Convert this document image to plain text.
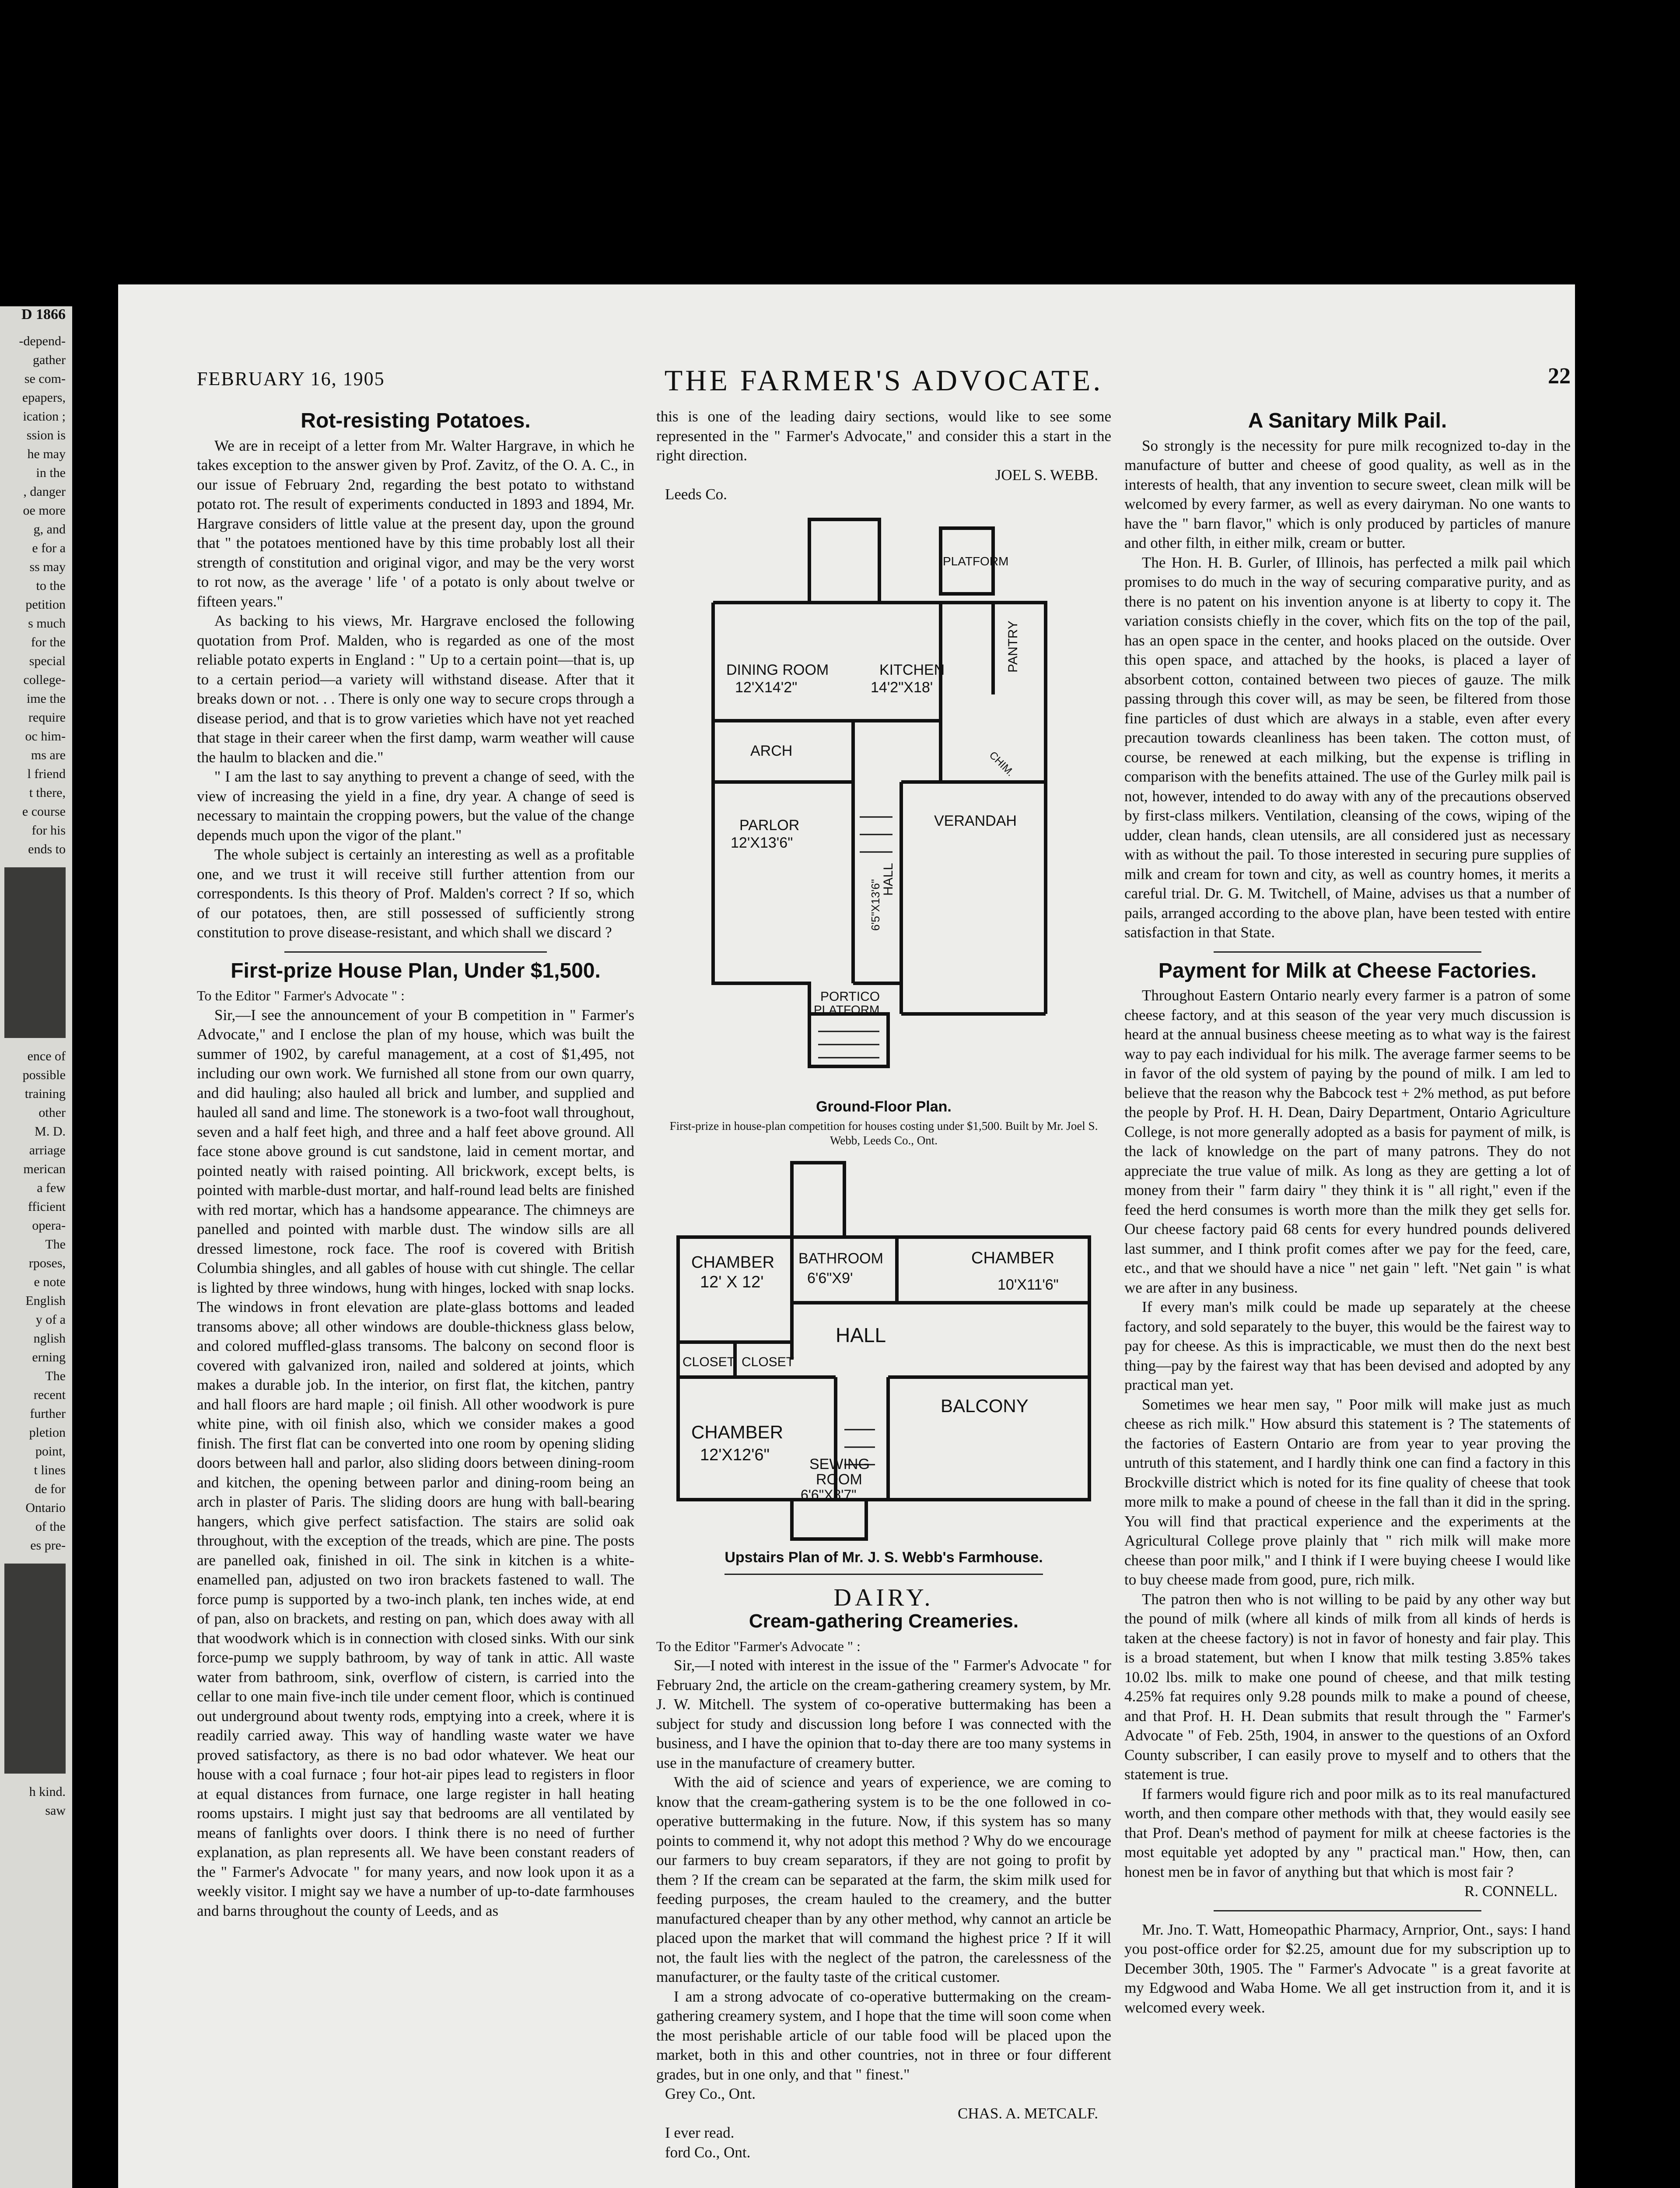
D 1866
-depend-
gather
se com-
epapers,
ication ;
ssion is
he may
in the
, danger
oe more
g, and
e for a
ss may
to the
petition
s much
for the
special
college-
ime the
require
oc him-
ms are
l friend
t there,
e course
for his
ends to
ence of
possible
training
other
M. D.
arriage
merican
a few
fficient
opera-
The
rposes,
e note
English
y of a
nglish
erning
The
recent
further
pletion
point,
t lines
de for
Ontario
of the
es pre-
h kind.
saw
FEBRUARY 16, 1905	THE FARMER'S ADVOCATE.	22
Rot-resisting Potatoes.

We are in receipt of a letter from Mr. Walter Hargrave, in which he takes exception to the answer given by Prof. Zavitz, of the O. A. C., in our issue of February 2nd, regarding the best potato to withstand potato rot. The result of experiments conducted in 1893 and 1894, Mr. Hargrave considers of little value at the present day, upon the ground that " the potatoes mentioned have by this time probably lost all their strength of constitution and original vigor, and may be the very worst to rot now, as the average ' life ' of a potato is only about twelve or fifteen years."

As backing to his views, Mr. Hargrave enclosed the following quotation from Prof. Malden, who is regarded as one of the most reliable potato experts in England : " Up to a certain point—that is, up to a certain period—a variety will withstand disease. After that it breaks down or not. . . There is only one way to secure crops through a disease period, and that is to grow varieties which have not yet reached that stage in their career when the first damp, warm weather will cause the haulm to blacken and die."

" I am the last to say anything to prevent a change of seed, with the view of increasing the yield in a fine, dry year. A change of seed is necessary to maintain the cropping powers, but the value of the change depends much upon the vigor of the plant."

The whole subject is certainly an interesting as well as a profitable one, and we trust it will receive still further attention from our correspondents. Is this theory of Prof. Malden's correct ? If so, which of our potatoes, then, are still possessed of sufficiently strong constitution to prove disease-resistant, and which shall we discard ?

First-prize House Plan, Under $1,500.

To the Editor " Farmer's Advocate " :

Sir,—I see the announcement of your B competition in " Farmer's Advocate," and I enclose the plan of my house, which was built the summer of 1902, by careful management, at a cost of $1,495, not including our own work. We furnished all stone from our own quarry, and did hauling; also hauled all brick and lumber, and supplied and hauled all sand and lime. The stonework is a two-foot wall throughout, seven and a half feet high, and three and a half feet above ground. All face stone above ground is cut sandstone, laid in cement mortar, and pointed neatly with raised pointing. All brickwork, except belts, is pointed with marble-dust mortar, and half-round lead belts are finished with red mortar, which has a handsome appearance. The chimneys are panelled and pointed with marble dust. The window sills are all dressed limestone, rock face. The roof is covered with British Columbia shingles, and all gables of house with cut shingle. The cellar is lighted by three windows, hung with hinges, locked with snap locks. The windows in front elevation are plate-glass bottoms and leaded transoms above; all other windows are double-thickness glass below, and colored muffled-glass transoms. The balcony on second floor is covered with galvanized iron, nailed and soldered at joints, which makes a durable job. In the interior, on first flat, the kitchen, pantry and hall floors are hard maple ; oil finish. All other woodwork is pure white pine, with oil finish also, which we consider makes a good finish. The first flat can be converted into one room by opening sliding doors between hall and parlor, also sliding doors between dining-room and kitchen, the opening between parlor and dining-room being an arch in plaster of Paris. The sliding doors are hung with ball-bearing hangers, which give perfect satisfaction. The stairs are solid oak throughout, with the exception of the treads, which are pine. The posts are panelled oak, finished in oil. The sink in kitchen is a white-enamelled pan, adjusted on two iron brackets fastened to wall. The force pump is supported by a two-inch plank, ten inches wide, at end of pan, also on brackets, and resting on pan, which does away with all that woodwork which is in connection with closed sinks. With our sink force-pump we supply bathroom, by way of tank in attic. All waste water from bathroom, sink, overflow of cistern, is carried into the cellar to one main five-inch tile under cement floor, which is continued out underground about twenty rods, emptying into a creek, where it is readily carried away. This way of handling waste water we have proved satisfactory, as there is no bad odor whatever. We heat our house with a coal furnace ; four hot-air pipes lead to registers in floor at equal distances from furnace, one large register in hall heating rooms upstairs. I might just say that bedrooms are all ventilated by means of fanlights over doors. I think there is no need of further explanation, as plan represents all. We have been constant readers of the " Farmer's Advocate " for many years, and now look upon it as a weekly visitor. I might say we have a number of up-to-date farmhouses and barns throughout the county of Leeds, and as

this is one of the leading dairy sections, would like to see some represented in the " Farmer's Advocate," and consider this a start in the right direction.

JOEL S. WEBB.

Leeds Co.

DINING ROOM
12'X14'2"
KITCHEN
14'2"X18'
PLATFORM
PANTRY
ARCH
PARLOR
12'X13'6"
HALL
6'5"X13'6"
VERANDAH
CHIM.
PORTICO
PLATFORM
Ground-Floor Plan.
First-prize in house-plan competition for houses costing under $1,500. Built by Mr. Joel S. Webb, Leeds Co., Ont.
CHAMBER
12' X 12'
BATHROOM
6'6"X9'
CHAMBER
10'X11'6"
HALL
CLOSET CLOSET
BALCONY
CHAMBER
12'X12'6"	SEWING
ROOM
6'6"X8'7"
Upstairs Plan of Mr. J. S. Webb's Farmhouse.
DAIRY.
Cream-gathering Creameries.

To the Editor "Farmer's Advocate " :

Sir,—I noted with interest in the issue of the " Farmer's Advocate " for February 2nd, the article on the cream-gathering creamery system, by Mr. J. W. Mitchell. The system of co-operative buttermaking has been a subject for study and discussion long before I was connected with the business, and I have the opinion that to-day there are too many systems in use in the manufacture of creamery butter.

With the aid of science and years of experience, we are coming to know that the cream-gathering system is to be the one followed in co-operative buttermaking in the future. Now, if this system has so many points to commend it, why not adopt this method ? Why do we encourage our farmers to buy cream separators, if they are not going to profit by them ? If the cream can be separated at the farm, the skim milk used for feeding purposes, the cream hauled to the creamery, and the butter manufactured cheaper than by any other method, why cannot an article be placed upon the market that will command the highest price ? If it will not, the fault lies with the neglect of the patron, the carelessness of the manufacturer, or the faulty taste of the critical customer.

I am a strong advocate of co-operative buttermaking on the cream-gathering creamery system, and I hope that the time will soon come when the most perishable article of our table food will be placed upon the market, both in this and other countries, not in three or four different grades, but in one only, and that " finest."

Grey Co., Ont.

CHAS. A. METCALF.

I ever read.

ford Co., Ont.

A Sanitary Milk Pail.

So strongly is the necessity for pure milk recognized to-day in the manufacture of butter and cheese of good quality, as well as in the interests of health, that any invention to secure sweet, clean milk will be welcomed by every farmer, as well as every dairyman. No one wants to have the " barn flavor," which is only produced by particles of manure and other filth, in either milk, cream or butter.

The Hon. H. B. Gurler, of Illinois, has perfected a milk pail which promises to do much in the way of securing comparative purity, and as there is no patent on his invention anyone is at liberty to copy it. The variation consists chiefly in the cover, which fits on the top of the pail, has an open space in the center, and hooks placed on the outside. Over this open space, and attached by the hooks, is placed a layer of absorbent cotton, contained between two pieces of gauze. The milk passing through this cover will, as may be seen, be filtered from those fine particles of dust which are always in a stable, even after every precaution towards cleanliness has been taken. The cotton must, of course, be renewed at each milking, but the expense is trifling in comparison with the benefits attained. The use of the Gurley milk pail is not, however, intended to do away with any of the precautions observed by first-class milkers. Ventilation, cleansing of the cows, wiping of the udder, clean hands, clean utensils, are all considered just as necessary with as without the pail. To those interested in securing pure supplies of milk and cream for town and city, as well as country homes, it merits a careful trial. Dr. G. M. Twitchell, of Maine, advises us that a number of pails, arranged according to the above plan, have been tested with entire satisfaction in that State.

Payment for Milk at Cheese Factories.

Throughout Eastern Ontario nearly every farmer is a patron of some cheese factory, and at this season of the year very much discussion is heard at the annual business cheese meeting as to what way is the fairest way to pay each individual for his milk. The average farmer seems to be in favor of the old system of paying by the pound of milk. I am led to believe that the reason why the Babcock test + 2% method, as put before the people by Prof. H. H. Dean, Dairy Department, Ontario Agriculture College, is not more generally adopted as a basis for payment of milk, is the lack of knowledge on the part of many patrons. They do not appreciate the true value of milk. As long as they are getting a lot of money from their " farm dairy " they think it is " all right," even if the feed the herd consumes is worth more than the milk they get sells for. Our cheese factory paid 68 cents for every hundred pounds delivered last summer, and I think profit comes after we pay for the feed, care, etc., and that we should have a nice " net gain " left. "Net gain " is what we are after in any business.

If every man's milk could be made up separately at the cheese factory, and sold separately to the buyer, this would be the fairest way to pay for cheese. As this is impracticable, we must then do the next best thing—pay by the fairest way that has been devised and adopted by any practical man yet.

Sometimes we hear men say, " Poor milk will make just as much cheese as rich milk." How absurd this statement is ? The statements of the factories of Eastern Ontario are from year to year proving the untruth of this statement, and I hardly think one can find a factory in this Brockville district which is noted for its fine quality of cheese that took more milk to make a pound of cheese in the fall than it did in the spring. You will find that practical experience and the experiments at the Agricultural College prove plainly that " rich milk will make more cheese than poor milk," and I think if I were buying cheese I would like to buy cheese made from good, pure, rich milk.

The patron then who is not willing to be paid by any other way but the pound of milk (where all kinds of milk from all kinds of herds is taken at the cheese factory) is not in favor of honesty and fair play. This is a broad statement, but when I know that milk testing 3.85% takes 10.02 lbs. milk to make one pound of cheese, and that milk testing 4.25% fat requires only 9.28 pounds milk to make a pound of cheese, and that Prof. H. H. Dean submits that result through the " Farmer's Advocate " of Feb. 25th, 1904, in answer to the questions of an Oxford County subscriber, I can easily prove to myself and to others that the statement is true.

If farmers would figure rich and poor milk as to its real manufactured worth, and then compare other methods with that, they would easily see that Prof. Dean's method of payment for milk at cheese factories is the most equitable yet adopted by any " practical man." How, then, can honest men be in favor of anything but that which is most fair ?

R. CONNELL.

Mr. Jno. T. Watt, Homeopathic Pharmacy, Arnprior, Ont., says: I hand you post-office order for $2.25, amount due for my subscription up to December 30th, 1905. The " Farmer's Advocate " is a great favorite at my Edgwood and Waba Home. We all get instruction from it, and it is welcomed every week.
